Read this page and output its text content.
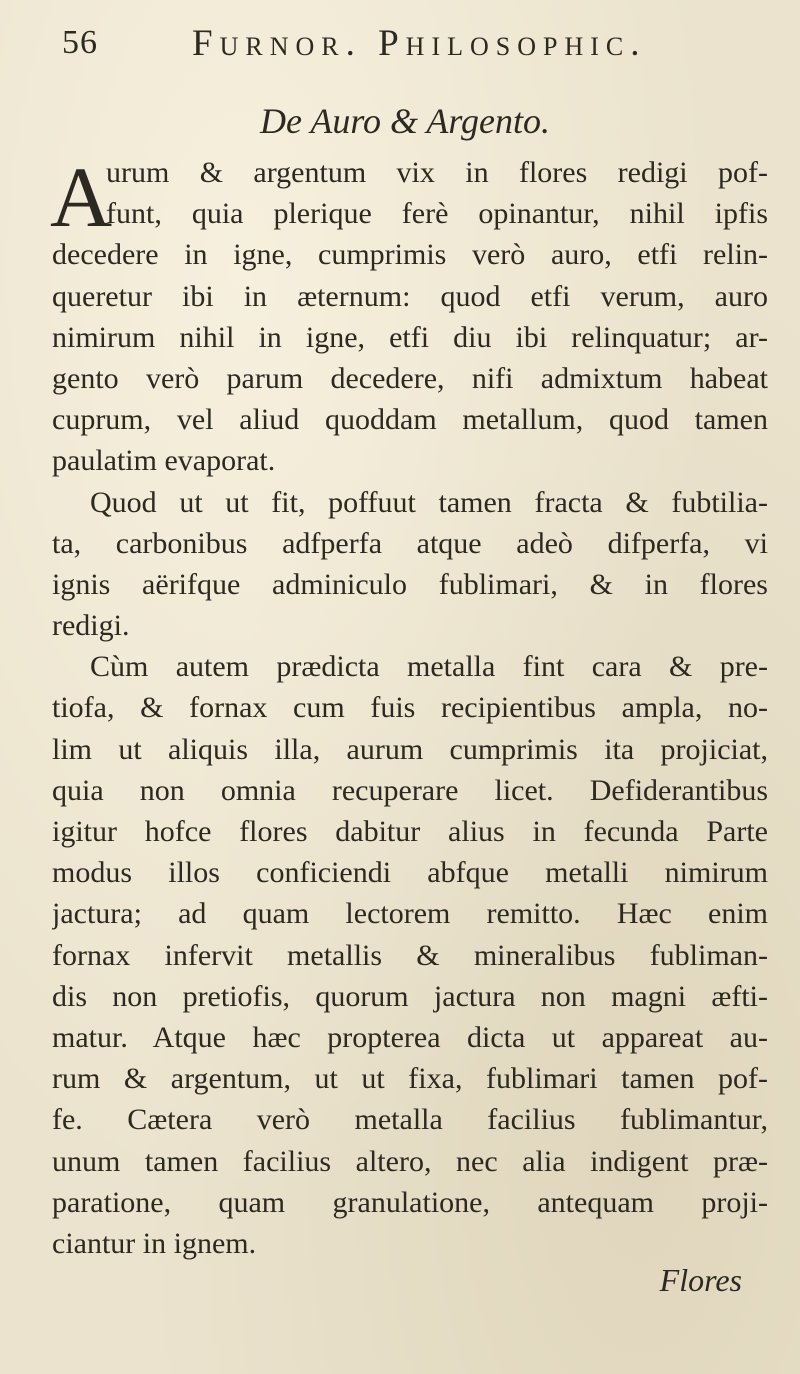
56	Furnor. Philosophic.
De Auro & Argento.
A
urum & argentum vix in flores redigi pof-
funt, quia plerique ferè opinantur, nihil ipfis
decedere in igne, cumprimis verò auro, etfi relin-
queretur ibi in æternum: quod etfi verum, auro
nimirum nihil in igne, etfi diu ibi relinquatur; ar-
gento verò parum decedere, nifi admixtum habeat
cuprum, vel aliud quoddam metallum, quod tamen
paulatim evaporat.
Quod ut ut fit, poffuut tamen fracta & fubtilia-
ta, carbonibus adfperfa atque adeò difperfa, vi
ignis aërifque adminiculo fublimari, & in flores
redigi.
Cùm autem prædicta metalla fint cara & pre-
tiofa, & fornax cum fuis recipientibus ampla, no-
lim ut aliquis illa, aurum cumprimis ita projiciat,
quia non omnia recuperare licet. Defiderantibus
igitur hofce flores dabitur alius in fecunda Parte
modus illos conficiendi abfque metalli nimirum
jactura; ad quam lectorem remitto. Hæc enim
fornax infervit metallis & mineralibus fubliman-
dis non pretiofis, quorum jactura non magni æfti-
matur. Atque hæc propterea dicta ut appareat au-
rum & argentum, ut ut fixa, fublimari tamen pof-
fe. Cætera verò metalla facilius fublimantur,
unum tamen facilius altero, nec alia indigent præ-
paratione, quam granulatione, antequam proji-
ciantur in ignem.
Flores
